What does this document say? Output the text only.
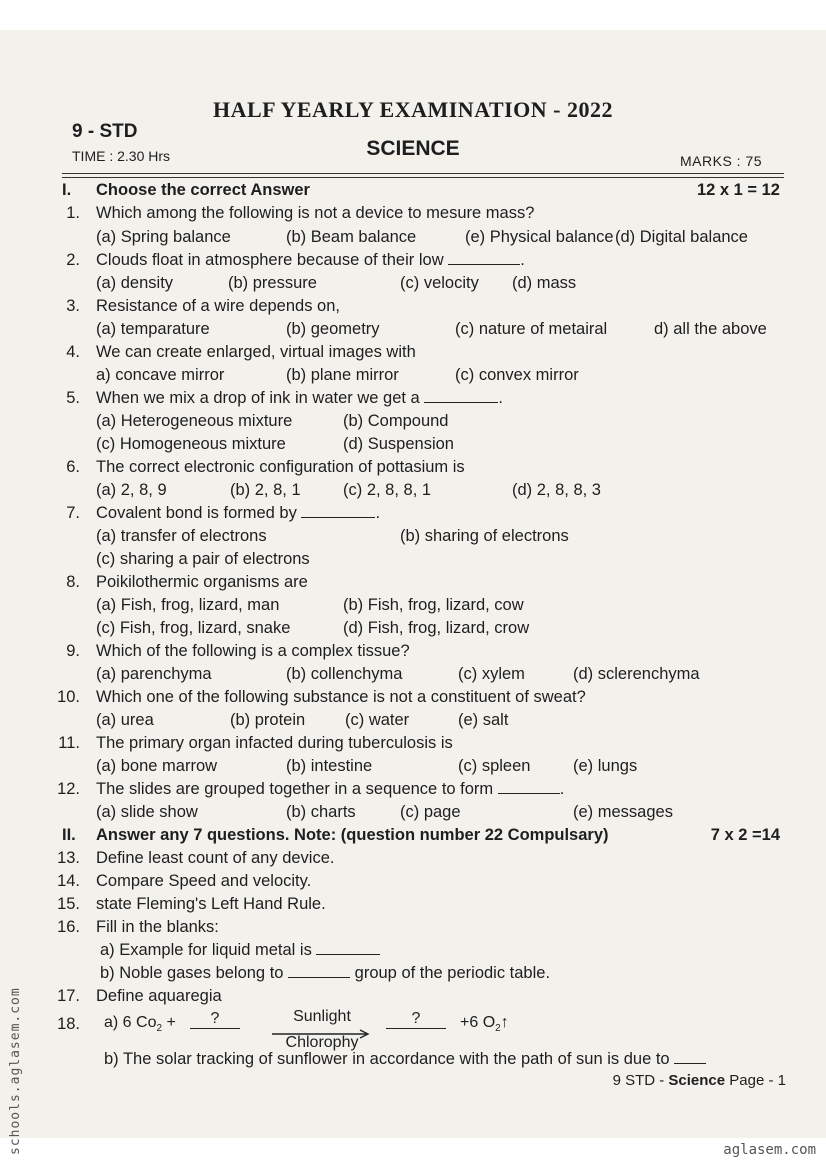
HALF YEARLY EXAMINATION - 2022
9 - STD
SCIENCE
TIME : 2.30 Hrs	MARKS : 75
I.	Choose the correct Answer	12 x 1 = 12
1. Which among the following is not a device to mesure mass?
(a) Spring balance	(b) Beam balance	(e) Physical balance (d) Digital balance
2. Clouds float in atmosphere because of their low	.
(a) density	(b) pressure	(c) velocity (d) mass
3. Resistance of a wire depends on,
(a) temparature	(b) geometry	(c) nature of metairal	d) all the above
4. We can create enlarged, virtual images with
a) concave mirror	(b) plane mirror	(c) convex mirror
5. When we mix a drop of ink in water we get a	.
(a) Heterogeneous mixture	(b) Compound
(c) Homogeneous mixture	(d) Suspension
6. The correct electronic configuration of pottasium is
(a) 2, 8, 9	(b) 2, 8, 1	(c) 2, 8, 8, 1	(d) 2, 8, 8, 3
7. Covalent bond is formed by	.
(a) transfer of electrons	(b) sharing of electrons
(c) sharing a pair of electrons
8. Poikilothermic organisms are
(a) Fish, frog, lizard, man	(b) Fish, frog, lizard, cow
(c) Fish, frog, lizard, snake	(d) Fish, frog, lizard, crow
9. Which of the following is a complex tissue?
(a) parenchyma	(b) collenchyma	(c) xylem	(d) sclerenchyma
10. Which one of the following substance is not a constituent of sweat?
(a) urea	(b) protein (c) water	(e) salt
11. The primary organ infacted during tuberculosis is
(a) bone marrow	(b) intestine	(c) spleen	(e) lungs
12. The slides are grouped together in a sequence to form	.
(a) slide show	(b) charts	(c) page	(e) messages
II.	Answer any 7 questions. Note: (question number 22 Compulsary)	7 x 2 =14
13. Define least count of any device.
14. Compare Speed and velocity.
15. state Fleming's Left Hand Rule.
16. Fill in the blanks:
a) Example for liquid metal is
b) Noble gases belong to	group of the periodic table.
17. Define aquaregia
18. a) 6 $Co_2$ +	?	Sunlight
Chlorophy
?	+6 $O_2↑$
b) The solar tracking of sunflower in accordance with the path of sun is due to
9 STD - Science Page - 1
schools.aglasem.com	aglasem.com
